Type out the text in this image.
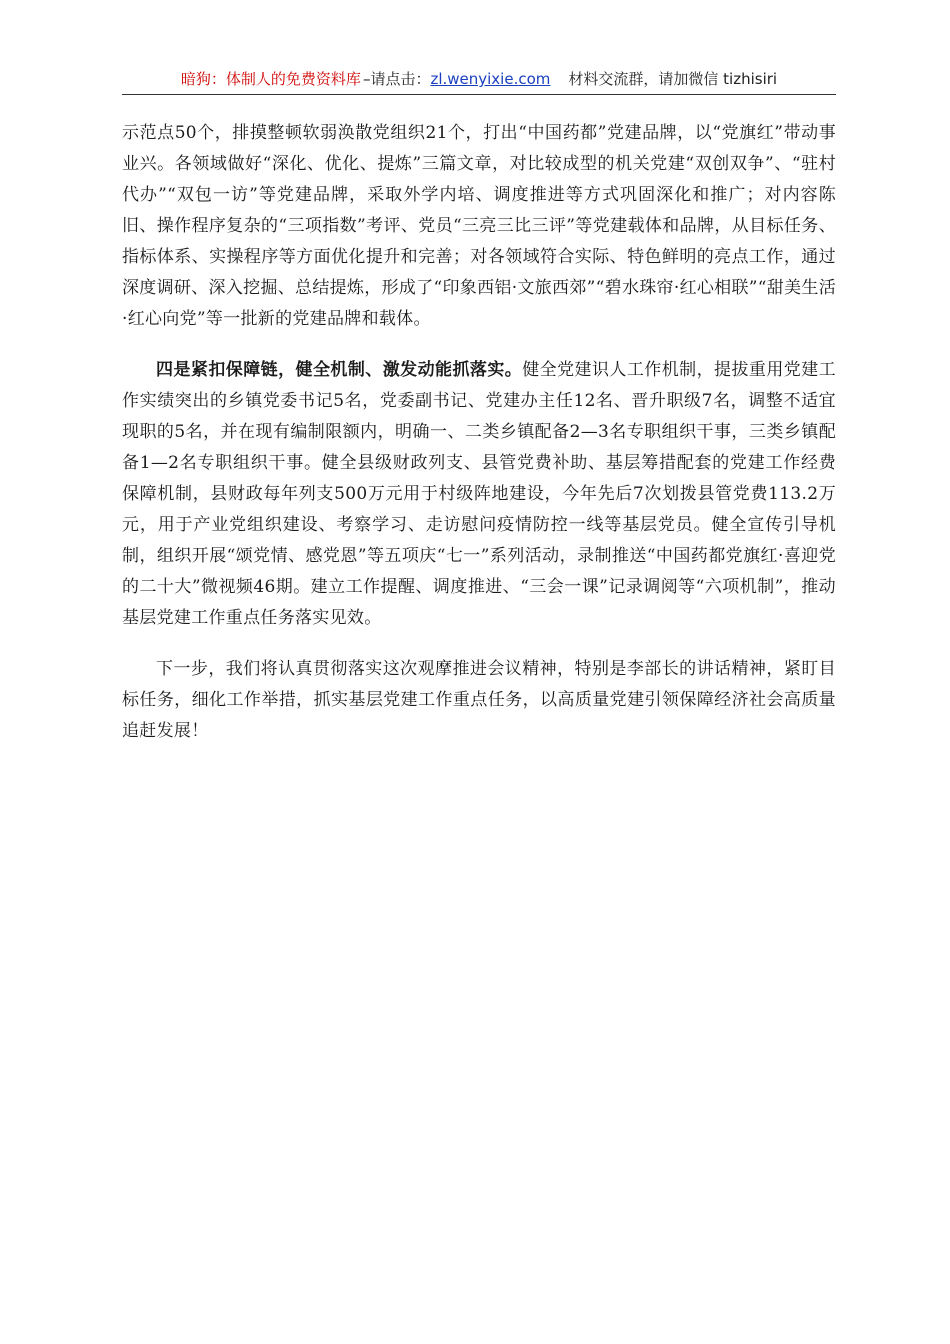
暗狗：体制人的免费资料库 –请点击：zl.wenyixie.com 材料交流群，请加微信 tizhisiri

示范点50个，排摸整顿软弱涣散党组织21个，打出“中国药都”党建品牌，以“党旗红”带动事业兴。各领域做好“深化、优化、提炼”三篇文章，对比较成型的机关党建“双创双争”、“驻村代办”“双包一访”等党建品牌，采取外学内培、调度推进等方式巩固深化和推广；对内容陈旧、操作程序复杂的“三项指数”考评、党员“三亮三比三评”等党建载体和品牌，从目标任务、指标体系、实操程序等方面优化提升和完善；对各领域符合实际、特色鲜明的亮点工作，通过深度调研、深入挖掘、总结提炼，形成了“印象西铝·文旅西郊”“碧水珠帘·红心相联”“甜美生活·红心向党”等一批新的党建品牌和载体。

四是紧扣保障链，健全机制、激发动能抓落实。健全党建识人工作机制，提拔重用党建工作实绩突出的乡镇党委书记5名，党委副书记、党建办主任12名、晋升职级7名，调整不适宜现职的5名，并在现有编制限额内，明确一、二类乡镇配备2—3名专职组织干事，三类乡镇配备1—2名专职组织干事。健全县级财政列支、县管党费补助、基层筹措配套的党建工作经费保障机制，县财政每年列支500万元用于村级阵地建设，今年先后7次划拨县管党费113.2万元，用于产业党组织建设、考察学习、走访慰问疫情防控一线等基层党员。健全宣传引导机制，组织开展“颂党情、感党恩”等五项庆“七一”系列活动，录制推送“中国药都党旗红·喜迎党的二十大”微视频46期。建立工作提醒、调度推进、“三会一课”记录调阅等“六项机制”，推动基层党建工作重点任务落实见效。

下一步，我们将认真贯彻落实这次观摩推进会议精神，特别是李部长的讲话精神，紧盯目标任务，细化工作举措，抓实基层党建工作重点任务，以高质量党建引领保障经济社会高质量追赶发展！
